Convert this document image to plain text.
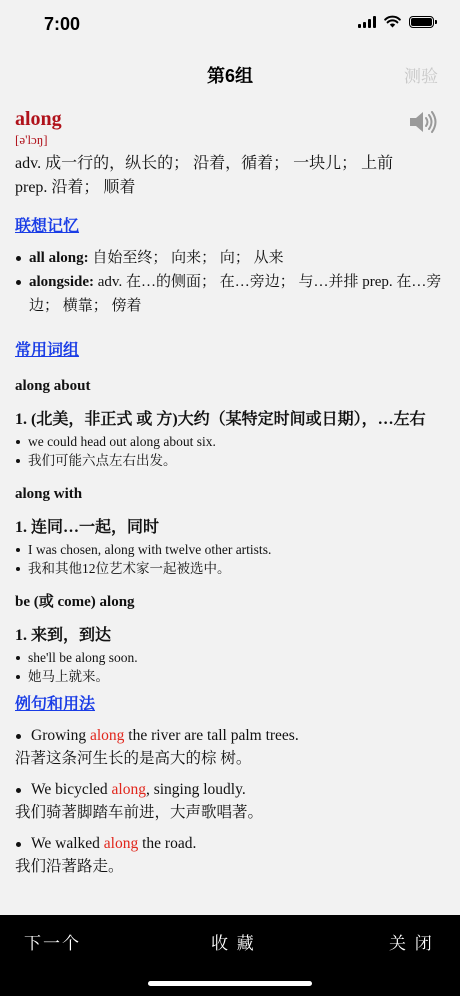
7:00
第6组	测验
along
[ə'lɔŋ]
adv. 成一行的，纵长的； 沿着，循着； 一块儿； 上前
prep. 沿着； 顺着
联想记忆
all along: 自始至终； 向来； 向； 从来
alongside: adv. 在…的侧面； 在…旁边； 与…并排 prep. 在…旁边； 横靠； 傍着
常用词组
along about
1. (北美，非正式 或 方)大约（某特定时间或日期），…左右
we could head out along about six.
我们可能六点左右出发。
along with
1. 连同…一起，同时
I was chosen, along with twelve other artists.
我和其他12位艺术家一起被选中。
be (或 come) along
1. 来到，到达
she'll be along soon.
她马上就来。
例句和用法
Growing along the river are tall palm trees.
沿著这条河生长的是高大的棕 树。
We bicycled along, singing loudly.
我们骑著脚踏车前进，大声歌唱著。
We walked along the road.
我们沿著路走。
下一个	收 藏	关 闭
